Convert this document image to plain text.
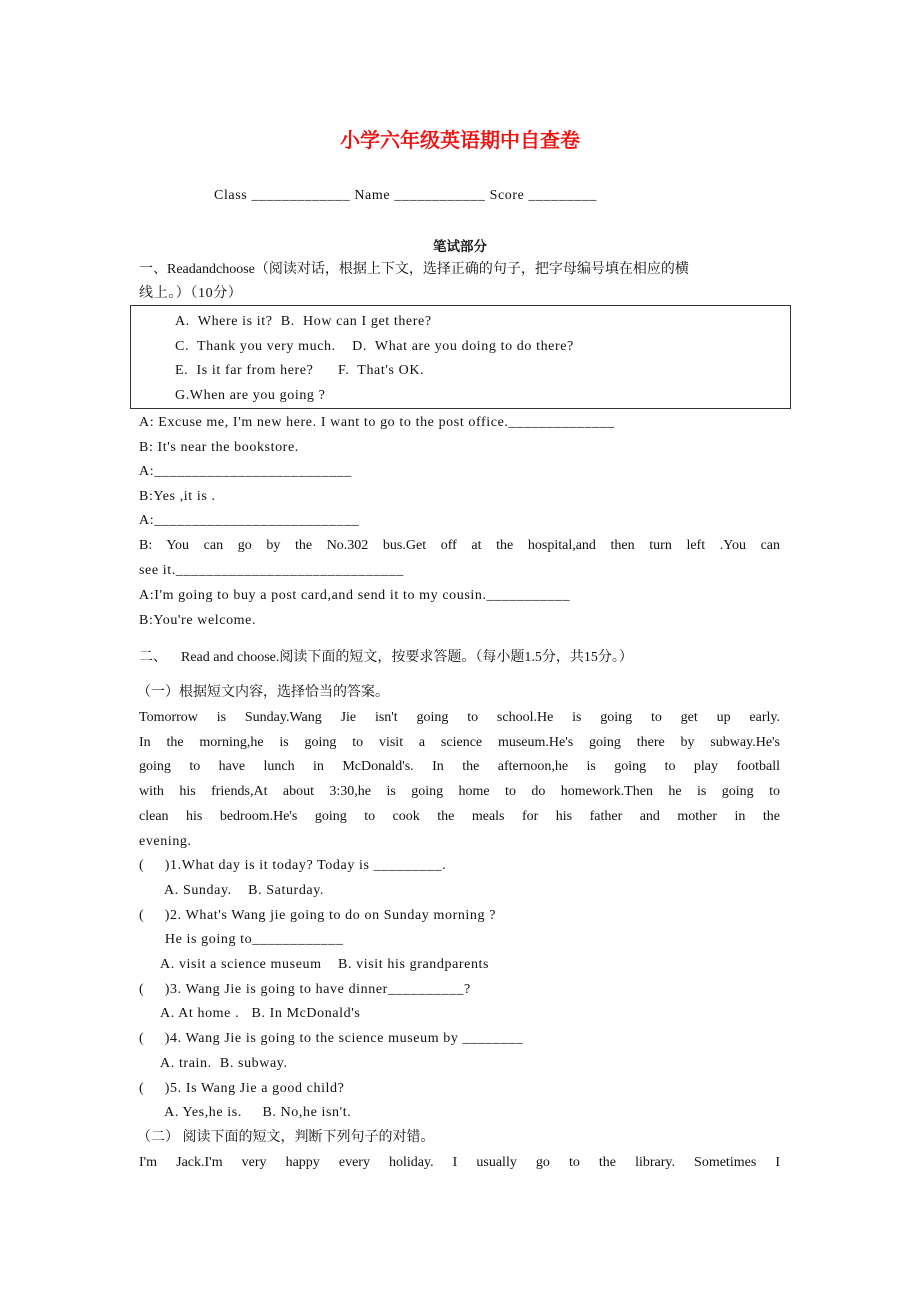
小学六年级英语期中自查卷
Class _____________ Name ____________ Score _________
笔试部分
一、Readandchoose（阅读对话，根据上下文，选择正确的句子，把字母编号填在相应的横
线上。）（10分）
A.  Where is it?  B.  How can I get there?
C.  Thank you very much.    D.  What are you doing to do there?
E.  Is it far from here?      F.  That's OK.
G.When are you going ?
A: Excuse me, I'm new here. I want to go to the post office.______________
B: It's near the bookstore.
A:__________________________
B:Yes ,it is .
A:___________________________
B: You can go by the No.302 bus.Get off at the hospital,and then turn left .You can
see it.______________________________
A:I'm going to buy a post card,and send it to my cousin.___________
B:You're welcome.
二、    Read and choose.阅读下面的短文，按要求答题。（每小题1.5分，共15分。）
（一）根据短文内容，选择恰当的答案。
Tomorrow is Sunday.Wang Jie isn't going to school.He is going to get up early.
In the morning,he is going to visit a science museum.He's going there by subway.He's
going to have lunch in McDonald's. In the afternoon,he is going to play football
with his friends,At about 3:30,he is going home to do homework.Then he is going to
clean his bedroom.He's going to cook the meals for his father and mother in the
evening.
(     )1.What day is it today? Today is _________.
A. Sunday.    B. Saturday.
(     )2. What's Wang jie going to do on Sunday morning ?
He is going to____________
A. visit a science museum    B. visit his grandparents
(     )3. Wang Jie is going to have dinner__________?
A. At home .   B. In McDonald's
(     )4. Wang Jie is going to the science museum by ________
A. train.  B. subway.
(     )5. Is Wang Jie a good child?
A. Yes,he is.     B. No,he isn't.
（二） 阅读下面的短文，判断下列句子的对错。
I'm Jack.I'm very happy every holiday. I usually go to the library. Sometimes I
